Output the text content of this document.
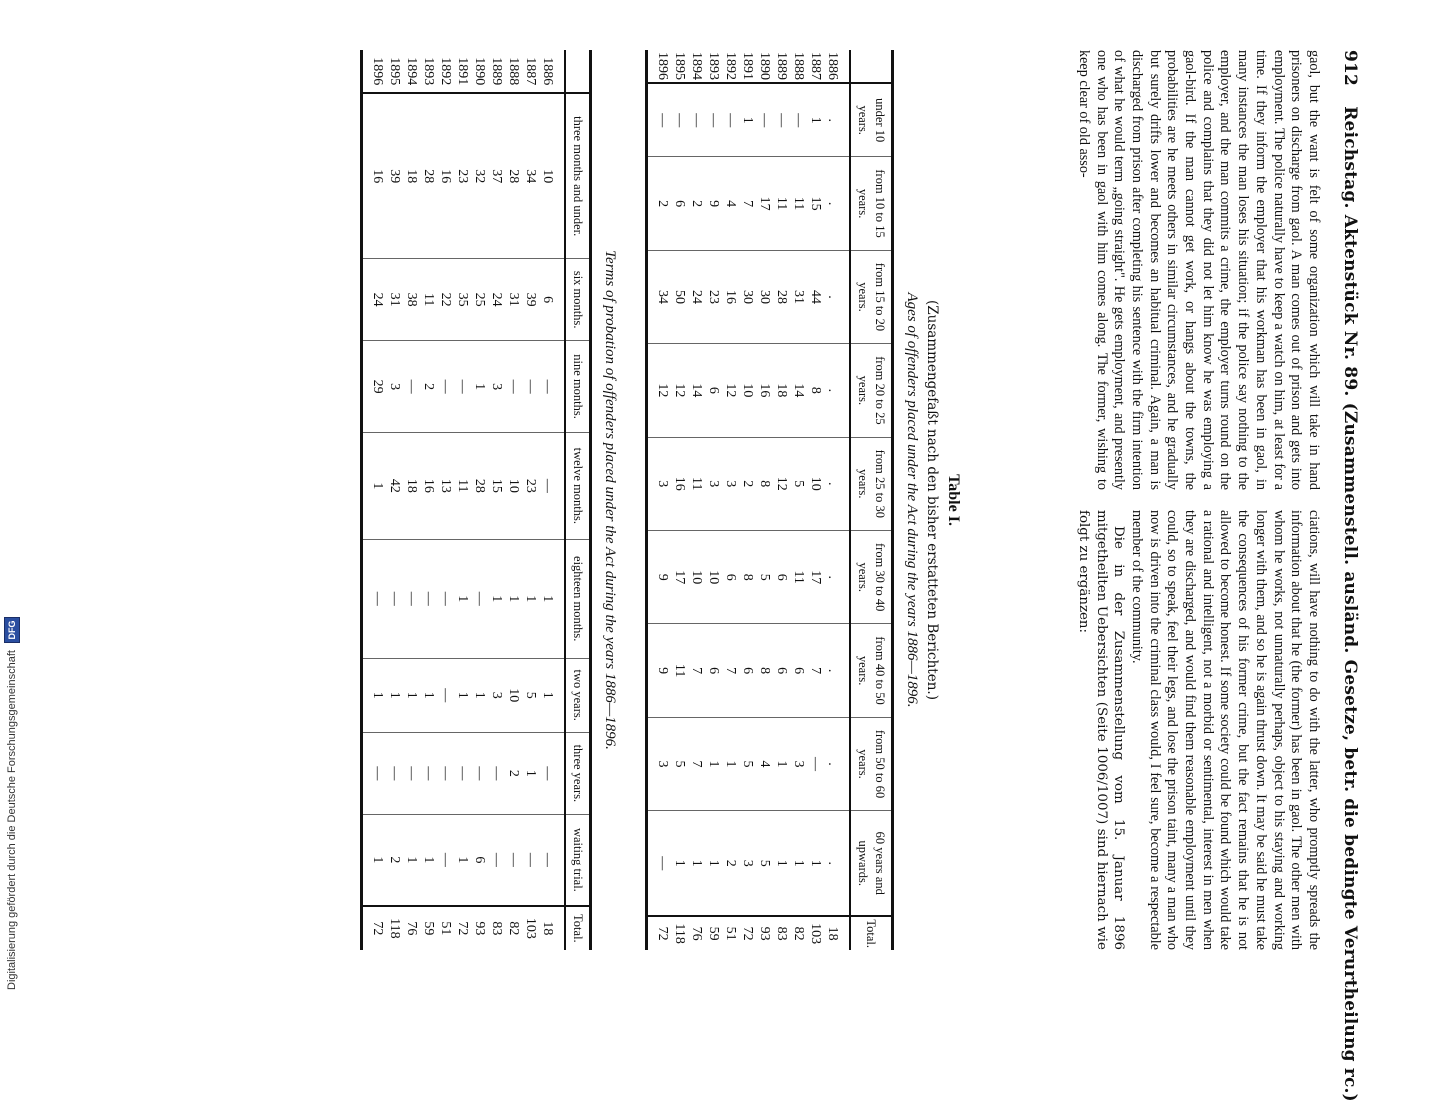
912 Reichstag. Aktenstück Nr. 89. (Zusammenstell. ausländ. Gesetze, betr. die bedingte Verurtheilung rc.)

gaol, but the want is felt of some organization which will take in hand prisoners on discharge from gaol. A man comes out of prison and gets into employment. The police naturally have to keep a watch on him, at least for a time. If they inform the employer that his workman has been in gaol, in many instances the man loses his situation; if the police say nothing to the employer, and the man commits a crime, the employer turns round on the police and complains that they did not let him know he was employing a gaol-bird. If the man cannot get work, or hangs about the towns, the probabilities are he meets others in similar circumstances, and he gradually but surely drifts lower and becomes an habitual criminal. Again, a man is discharged from prison after completing his sentence with the firm intention of what he would term „going straight". He gets employment, and presently one who has been in gaol with him comes along. The former, wishing to keep clear of old asso-

ciations, will have nothing to do with the latter, who promptly spreads the information about that he (the former) has been in gaol. The other men with whom he works, not unnaturally perhaps, object to his staying and working longer with them, and so he is again thrust down. It may be said he must take the consequences of his former crime, but the fact remains that he is not allowed to become honest. If some society could be found which would take a rational and intelligent, not a morbid or sentimental, interest in men when they are discharged, and would find them reasonable employment until they could, so to speak, feel their legs, and lose the prison taint, many a man who now is driven into the criminal class would, I feel sure, become a respectable member of the community.

Die in der Zusammenstellung vom 15. Januar 1896 mitgetheilten Uebersichten (Seite 1006/1007) sind hiernach wie folgt zu ergänzen:

Table I.
(Zusammengefaßt nach den bisher erstatteten Berichten.)
Ages of offenders placed under the Act during the years 1886—1896.
	under 10 years.	from 10 to 15 years.	from 15 to 20 years.	from 20 to 25 years.	from 25 to 30 years.	from 30 to 40 years.	from 40 to 50 years.	from 50 to 60 years.	60 years and upwards.	Total.
1886	.	.	.	.	.	.	.	.	.	18
1887	1	15	44	8	10	17	7	—	1	103
1888	—	11	31	14	5	11	6	3	1	82
1889	—	11	28	18	12	6	6	1	1	83
1890	—	17	30	16	8	5	8	4	5	93
1891	1	7	30	10	2	8	6	5	3	72
1892	—	4	16	12	3	6	7	1	2	51
1893	—	9	23	6	3	10	6	1	1	59
1894	—	2	24	14	11	10	7	7	1	76
1895	—	6	50	12	16	17	11	5	1	118
1896	—	2	34	12	3	9	9	3	—	72
Terms of probation of offenders placed under the Act during the years 1886—1896.
	three months and under.	six months.	nine months.	twelve months.	eighteen months.	two years.	three years.	waiting trial.	Total.
1886	10	6	—	—	1	1	—	—	18
1887	34	39	—	23	1	5	1	—	103
1888	28	31	—	10	1	10	2	—	82
1889	37	24	3	15	1	3	—	—	83
1890	32	25	1	28	—	1	—	6	93
1891	23	35	—	11	1	1	—	1	72
1892	16	22	—	13	—	—	—	—	51
1893	28	11	2	16	—	1	—	1	59
1894	18	38	—	18	—	1	—	1	76
1895	39	31	3	42	—	1	—	2	118
1896	16	24	29	1	—	1	—	1	72
Digitalisierung gefördert durch die Deutsche Forschungsgemeinschaft DFG
